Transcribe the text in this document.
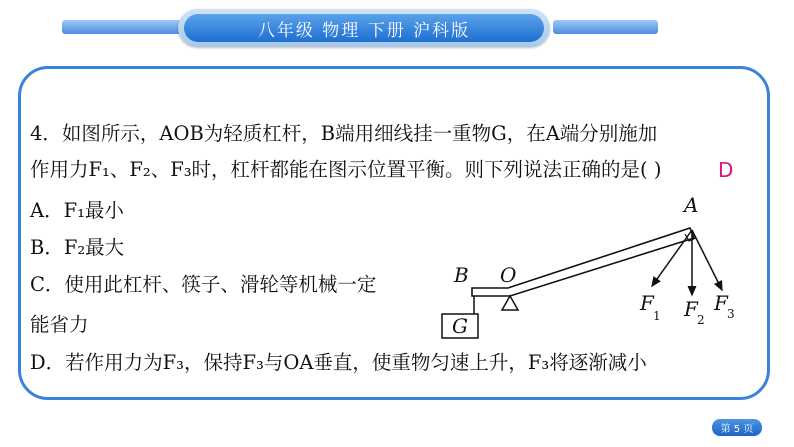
八年级 物理 下册 沪科版
4．如图所示，AOB为轻质杠杆，B端用细线挂一重物G，在A端分别施加
作用力F₁、F₂、F₃时，杠杆都能在图示位置平衡。则下列说法正确的是( )	D
A．F₁最小
B．F₂最大
C．使用此杠杆、筷子、滑轮等机械一定
能省力
D．若作用力为F₃，保持F₃与OA垂直，使重物匀速上升，F₃将逐渐减小
A
B O
G
F
1 F 2
F 3
第 5 页
